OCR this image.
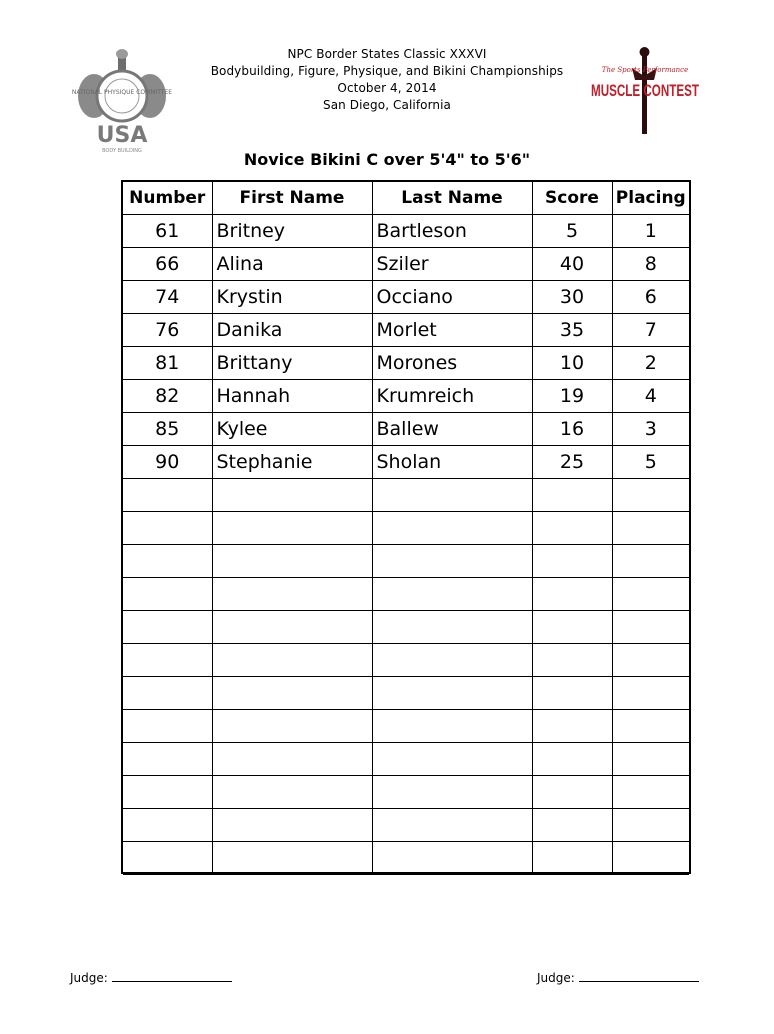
NATIONAL PHYSIQUE COMMITTEE
USA
BODY BUILDING
NPC Border States Classic XXXVI
Bodybuilding, Figure, Physique, and Bikini Championships
October 4, 2014
San Diego, California
The Sports Performance
MUSCLE CONTEST
Novice Bikini C over 5'4" to 5'6"
Number	First Name	Last Name	Score	Placing
61	Britney	Bartleson	5	1
66	Alina	Sziler	40	8
74	Krystin	Occiano	30	6
76	Danika	Morlet	35	7
81	Brittany	Morones	10	2
82	Hannah	Krumreich	19	4
85	Kylee	Ballew	16	3
90	Stephanie	Sholan	25	5

Judge:	Judge:
